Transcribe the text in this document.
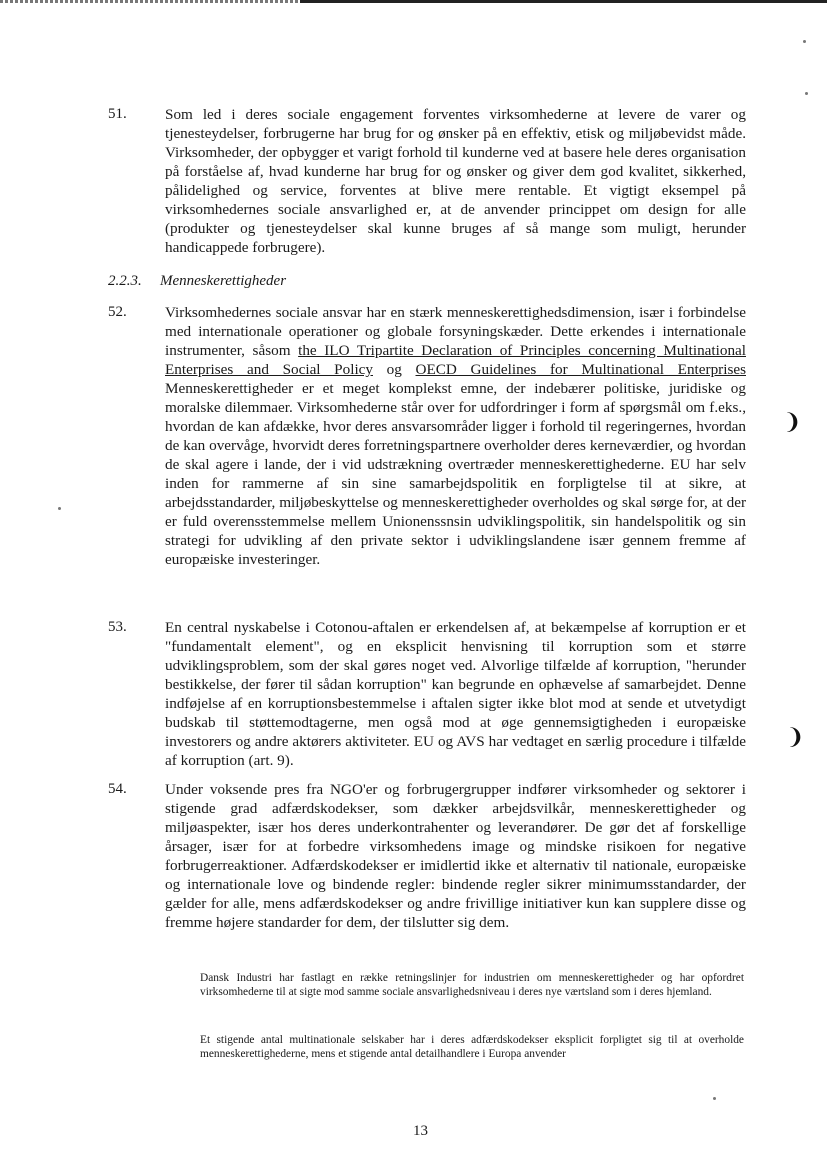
51.	Som led i deres sociale engagement forventes virksomhederne at levere de varer og tjenesteydelser, forbrugerne har brug for og ønsker på en effektiv, etisk og miljøbevidst måde. Virksomheder, der opbygger et varigt forhold til kunderne ved at basere hele deres organisation på forståelse af, hvad kunderne har brug for og ønsker og giver dem god kvalitet, sikkerhed, pålidelighed og service, forventes at blive mere rentable. Et vigtigt eksempel på virksomhedernes sociale ansvarlighed er, at de anvender princippet om design for alle (produkter og tjenesteydelser skal kunne bruges af så mange som muligt, herunder handicappede forbrugere).
2.2.3. Menneskerettigheder
52.	Virksomhedernes sociale ansvar har en stærk menneskerettighedsdimension, især i forbindelse med internationale operationer og globale forsyningskæder. Dette erkendes i internationale instrumenter, såsom the ILO Tripartite Declaration of Principles concerning Multinational Enterprises and Social Policy og OECD Guidelines for Multinational Enterprises Menneskerettigheder er et meget komplekst emne, der indebærer politiske, juridiske og moralske dilemmaer. Virksomhederne står over for udfordringer i form af spørgsmål om f.eks., hvordan de kan afdække, hvor deres ansvarsområder ligger i forhold til regeringernes, hvordan de kan overvåge, hvorvidt deres forretningspartnere overholder deres kerneværdier, og hvordan de skal agere i lande, der i vid udstrækning overtræder menneskerettighederne. EU har selv inden for rammerne af sin sine samarbejdspolitik en forpligtelse til at sikre, at arbejdsstandarder, miljøbeskyttelse og menneskerettigheder overholdes og skal sørge for, at der er fuld overensstemmelse mellem Unionenssnsin udviklingspolitik, sin handelspolitik og sin strategi for udvikling af den private sektor i udviklingslandene især gennem fremme af europæiske investeringer.
53.	En central nyskabelse i Cotonou-aftalen er erkendelsen af, at bekæmpelse af korruption er et "fundamentalt element", og en eksplicit henvisning til korruption som et større udviklingsproblem, som der skal gøres noget ved. Alvorlige tilfælde af korruption, "herunder bestikkelse, der fører til sådan korruption" kan begrunde en ophævelse af samarbejdet. Denne indføjelse af en korruptionsbestemmelse i aftalen sigter ikke blot mod at sende et utvetydigt budskab til støttemodtagerne, men også mod at øge gennemsigtigheden i europæiske investorers og andre aktørers aktiviteter. EU og AVS har vedtaget en særlig procedure i tilfælde af korruption (art. 9).
54.	Under voksende pres fra NGO'er og forbrugergrupper indfører virksomheder og sektorer i stigende grad adfærdskodekser, som dækker arbejdsvilkår, menneskerettigheder og miljøaspekter, især hos deres underkontrahenter og leverandører. De gør det af forskellige årsager, især for at forbedre virksomhedens image og mindske risikoen for negative forbrugerreaktioner. Adfærdskodekser er imidlertid ikke et alternativ til nationale, europæiske og internationale love og bindende regler: bindende regler sikrer minimumsstandarder, der gælder for alle, mens adfærdskodekser og andre frivillige initiativer kun kan supplere disse og fremme højere standarder for dem, der tilslutter sig dem.
Dansk Industri har fastlagt en række retningslinjer for industrien om menneskerettigheder og har opfordret virksomhederne til at sigte mod samme sociale ansvarlighedsniveau i deres nye værtsland som i deres hjemland.
Et stigende antal multinationale selskaber har i deres adfærdskodekser eksplicit forpligtet sig til at overholde menneskerettighederne, mens et stigende antal detailhandlere i Europa anvender
❩
❩
13
